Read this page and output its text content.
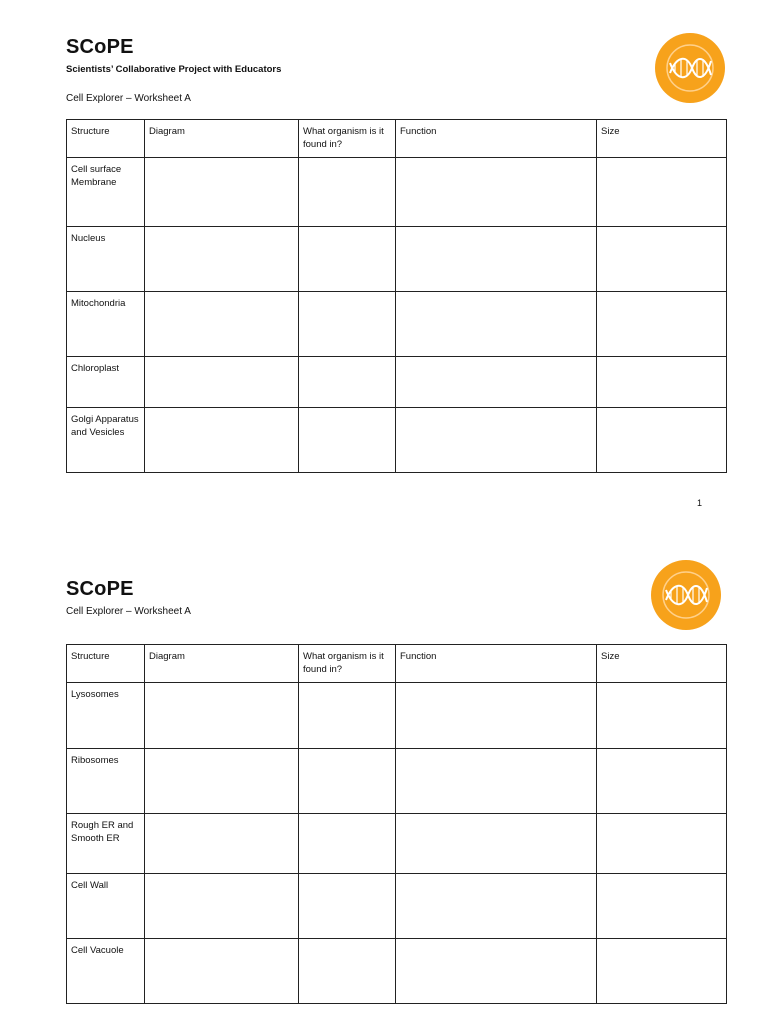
SCoPE
Scientists’ Collaborative Project with Educators
Cell Explorer – Worksheet A
Structure	Diagram	What organism is it found in?	Function	Size
Cell surface Membrane				
Nucleus				
Mitochondria				
Chloroplast				
Golgi Apparatus and Vesicles				
1
SCoPE
Cell Explorer – Worksheet A
Structure	Diagram	What organism is it found in?	Function	Size
Lysosomes				
Ribosomes				
Rough ER and Smooth ER				
Cell Wall				
Cell Vacuole				
